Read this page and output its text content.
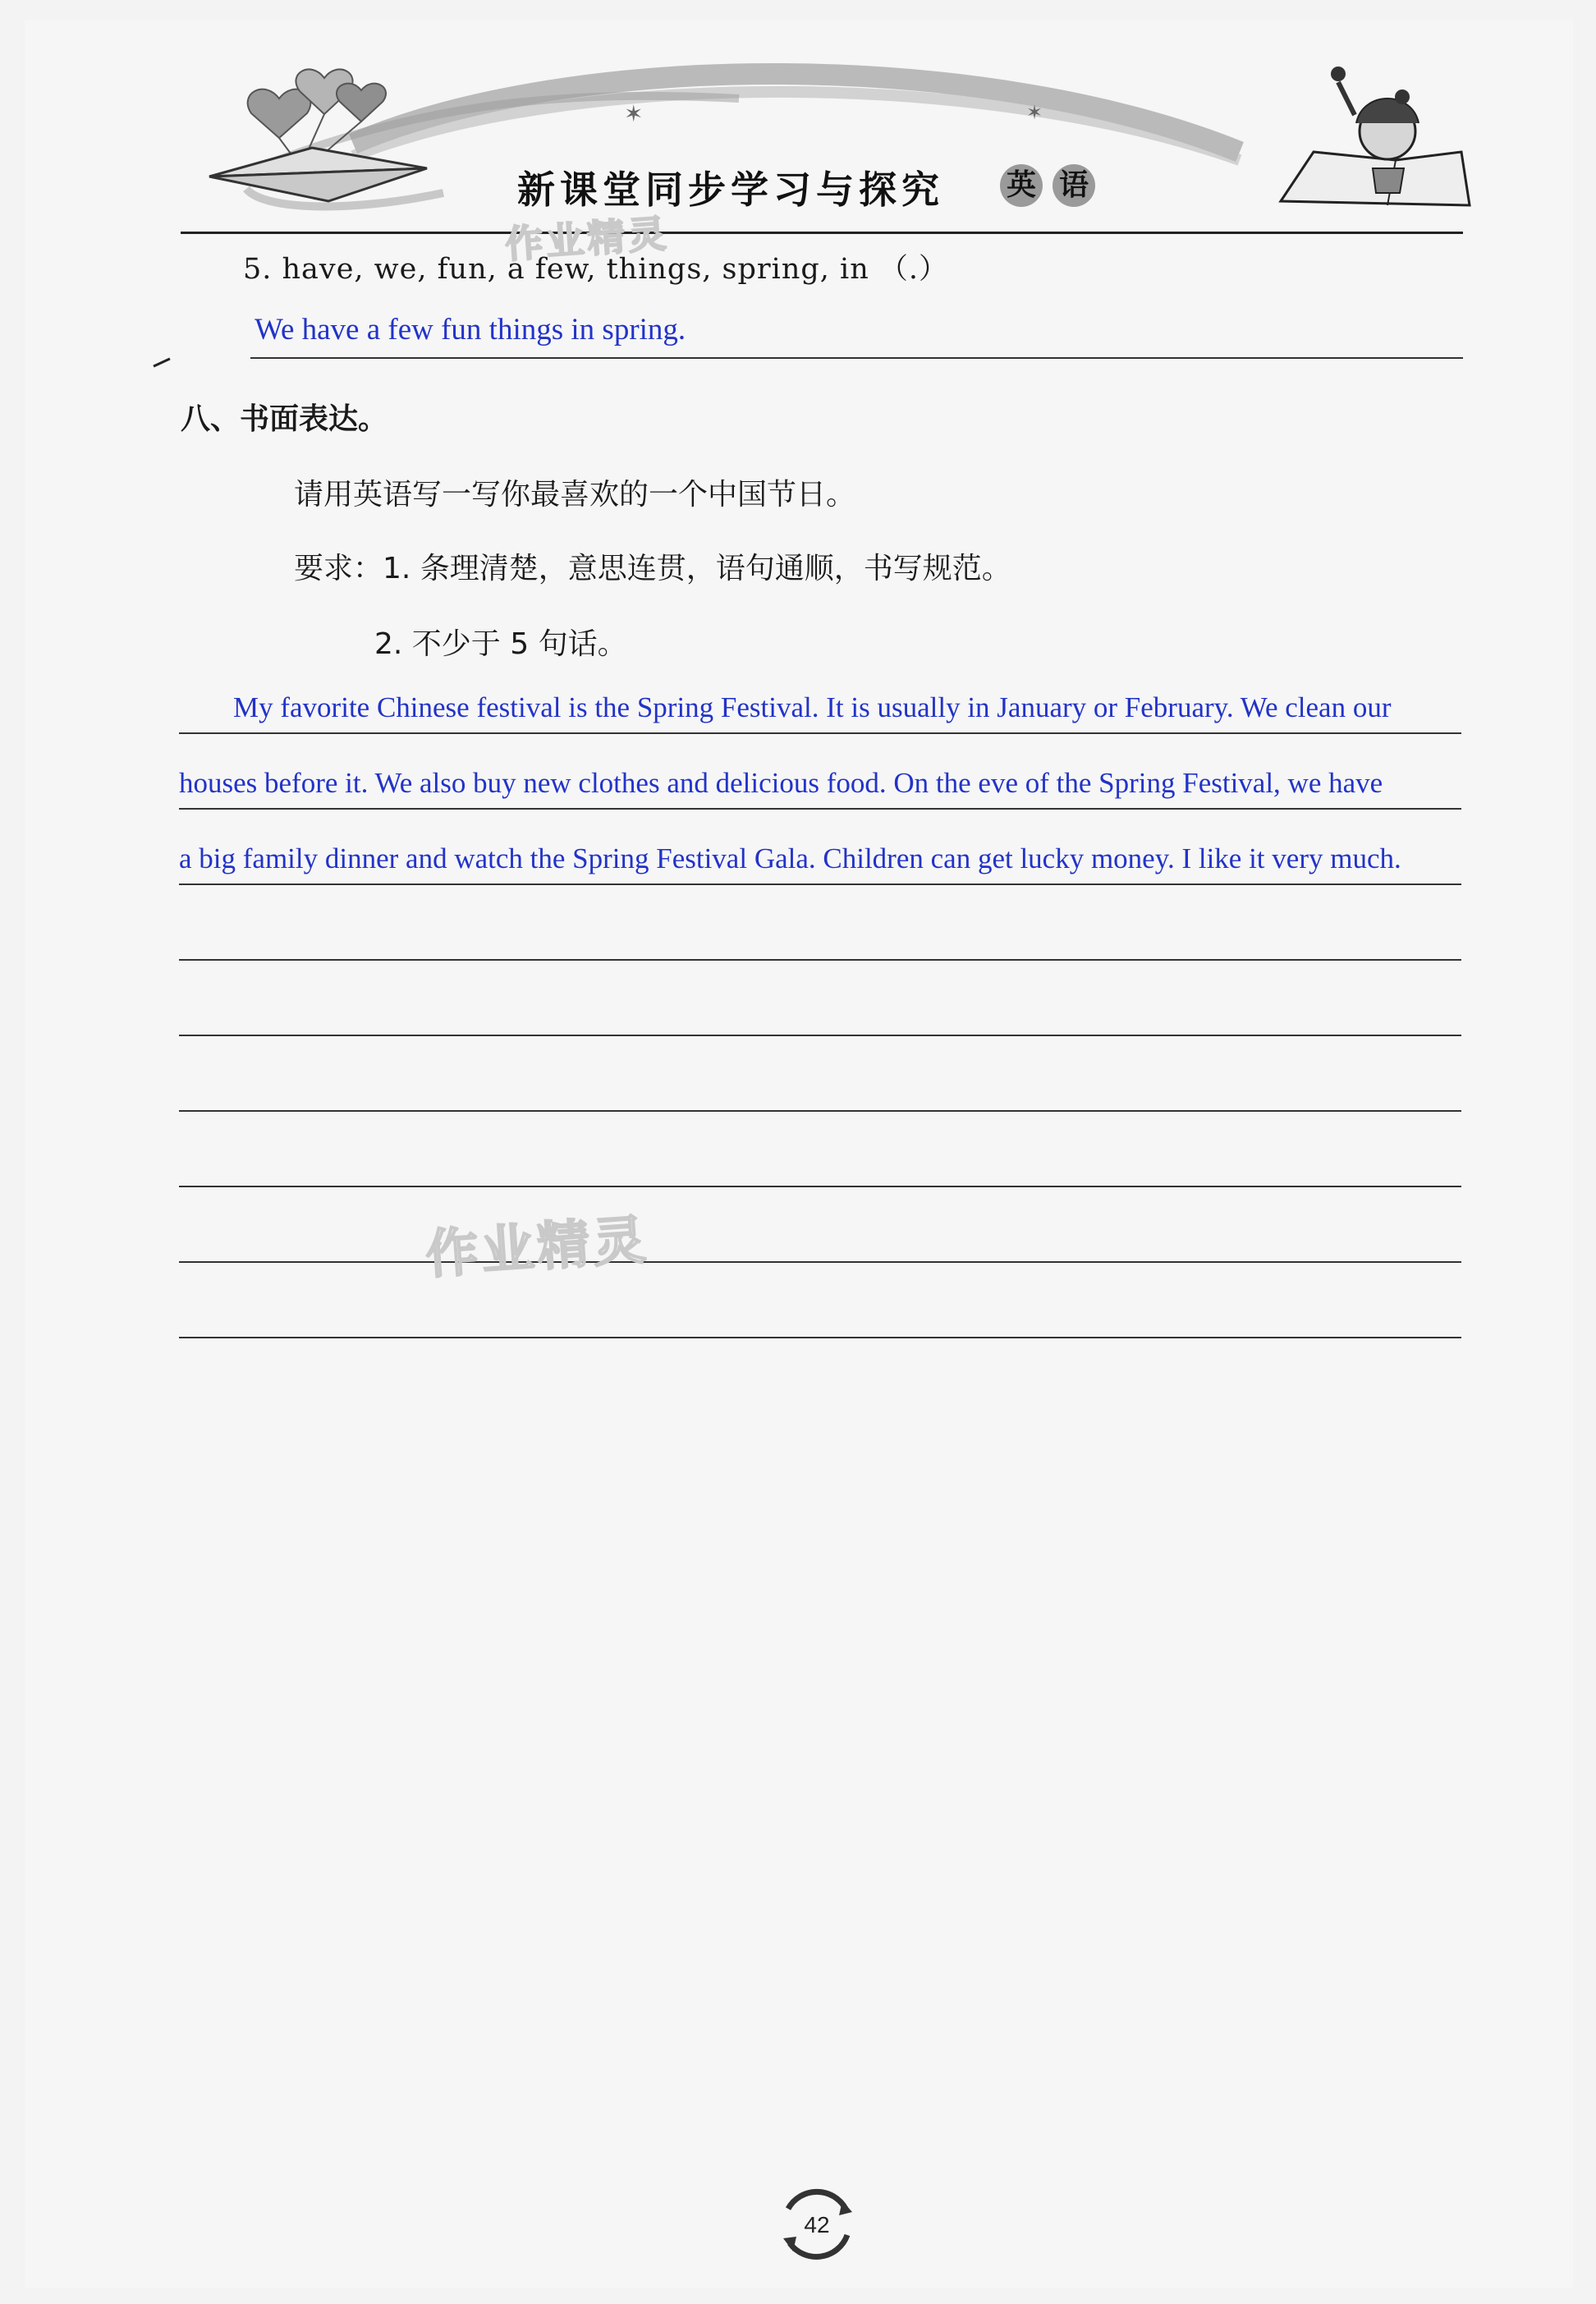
✶	✶
新课堂同步学习与探究 英 语
作业精灵
5. have, we, fun, a few, things, spring, in （.）
We have a few fun things in spring.
八、书面表达。
请用英语写一写你最喜欢的一个中国节日。
要求：1. 条理清楚，意思连贯，语句通顺，书写规范。
2. 不少于 5 句话。
My favorite Chinese festival is the Spring Festival. It is usually in January or February. We clean our
houses before it. We also buy new clothes and delicious food. On the eve of the Spring Festival, we have
a big family dinner and watch the Spring Festival Gala. Children can get lucky money. I like it very much.
作业精灵
42
